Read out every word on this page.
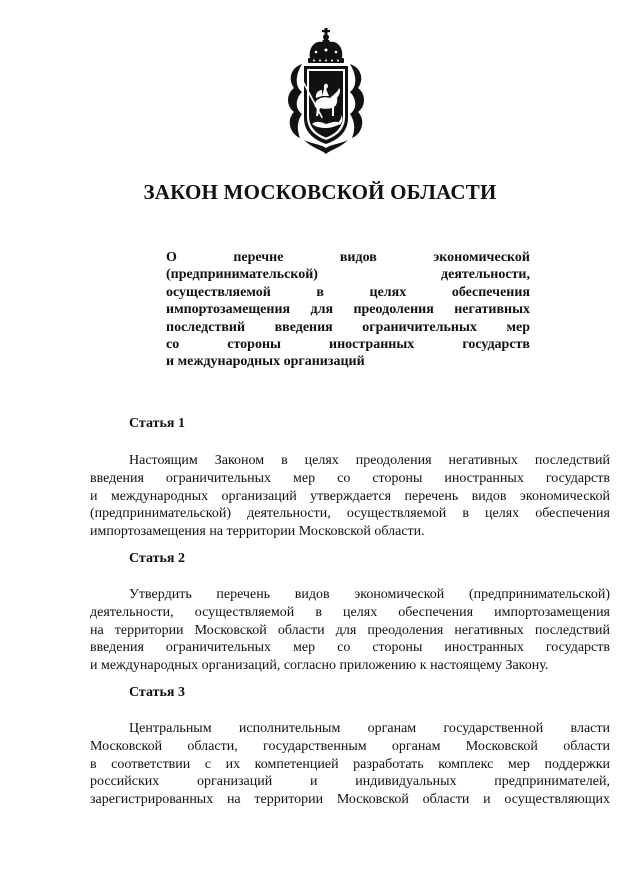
ЗАКОН МОСКОВСКОЙ ОБЛАСТИ
О перечне видов экономической
(предпринимательской) деятельности,
осуществляемой в целях обеспечения
импортозамещения для преодоления негативных
последствий введения ограничительных мер
со стороны иностранных государств
и международных организаций
Статья 1
Настоящим Законом в целях преодоления негативных последствий
введения ограничительных мер со стороны иностранных государств
и международных организаций утверждается перечень видов экономической
(предпринимательской) деятельности, осуществляемой в целях обеспечения
импортозамещения на территории Московской области.
Статья 2
Утвердить перечень видов экономической (предпринимательской)
деятельности, осуществляемой в целях обеспечения импортозамещения
на территории Московской области для преодоления негативных последствий
введения ограничительных мер со стороны иностранных государств
и международных организаций, согласно приложению к настоящему Закону.
Статья 3
Центральным исполнительным органам государственной власти
Московской области, государственным органам Московской области
в соответствии с их компетенцией разработать комплекс мер поддержки
российских организаций и индивидуальных предпринимателей,
зарегистрированных на территории Московской области и осуществляющих
